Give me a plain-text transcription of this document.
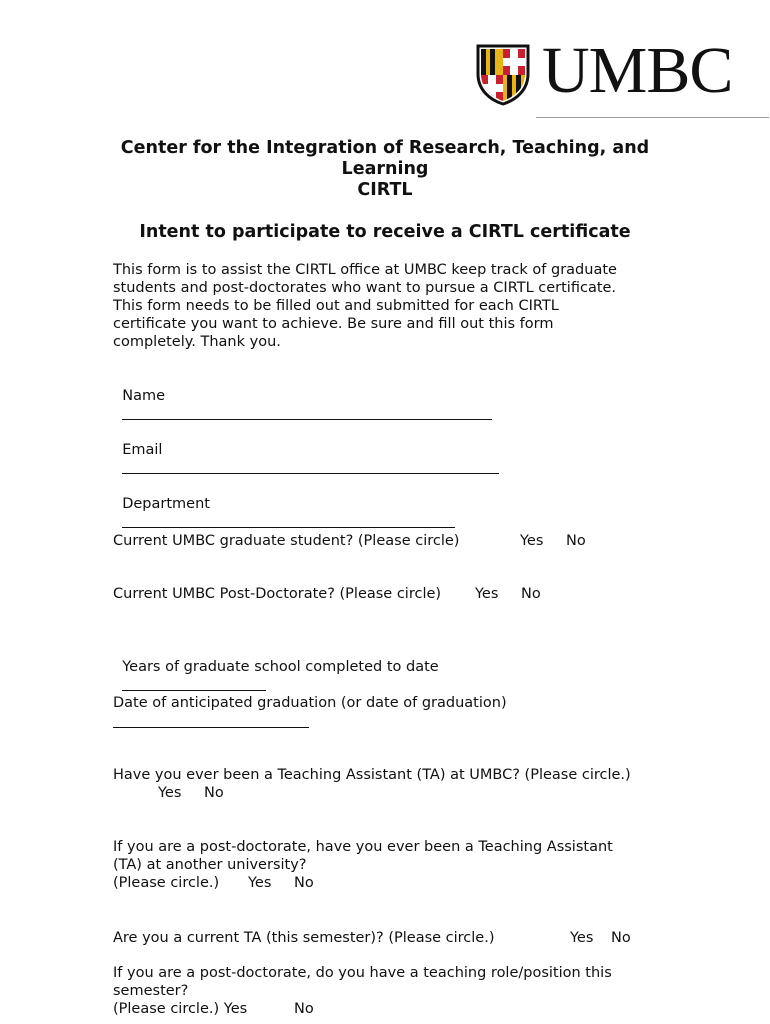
UMBC
Center for the Integration of Research, Teaching, and
Learning
CIRTL
Intent to participate to receive a CIRTL certificate
This form is to assist the CIRTL office at UMBC keep track of graduate
students and post-doctorates who want to pursue a CIRTL certificate.
This form needs to be filled out and submitted for each CIRTL
certificate you want to achieve. Be sure and fill out this form
completely. Thank you.

Name

Email

Department

Current UMBC graduate student? (Please circle)	Yes No
Current UMBC Post-Doctorate? (Please circle) Yes No

Years of graduate school completed to date

Date of anticipated graduation (or date of graduation)
Have you ever been a Teaching Assistant (TA) at UMBC? (Please circle.)
Yes No
If you are a post-doctorate, have you ever been a Teaching Assistant
(TA) at another university?
(Please circle.) Yes No
Are you a current TA (this semester)? (Please circle.)	Yes No
If you are a post-doctorate, do you have a teaching role/position this
semester?
(Please circle.) Yes	No
